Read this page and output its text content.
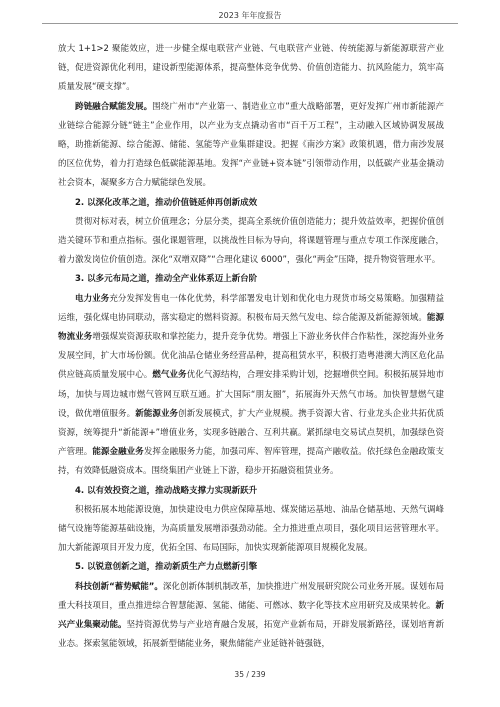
2023 年年度报告

放大 1+1>2 聚能效应，进一步健全煤电联营产业链、气电联营产业链、传统能源与新能源联营产业链，促进资源优化利用，建设新型能源体系，提高整体竞争优势、价值创造能力、抗风险能力，筑牢高质量发展“硬支撑”。

跨链融合赋能发展。围绕广州市“产业第一、制造业立市”重大战略部署，更好发挥广州市新能源产业链综合能源分链“链主”企业作用，以产业为支点撬动省市“百千万工程”，主动融入区域协调发展战略，助推新能源、综合能源、储能、氢能等产业集群建设。把握《南沙方案》政策机遇，借力南沙发展的区位优势，着力打造绿色低碳能源基地。发挥“产业链+资本链”引领带动作用，以低碳产业基金撬动社会资本，凝聚多方合力赋能绿色发展。

2. 以深化改革之道，推动价值链延伸再创新成效

贯彻对标对表，树立价值理念；分层分类，提高全系统价值创造能力；提升效益效率，把握价值创造关键环节和重点指标。强化课题管理，以挑战性目标为导向，将课题管理与重点专项工作深度融合，着力激发岗位价值创造。深化“双增双降”“合理化建议 6000”，强化“两金”压降，提升物资管理水平。

3. 以多元布局之道，推动全产业体系迈上新台阶

电力业务充分发挥发售电一体化优势，科学部署发电计划和优化电力现货市场交易策略。加强精益运维，强化煤电协同联动，落实稳定的燃料资源。积极布局天然气发电、综合能源及新能源领域。能源物流业务增强煤炭资源获取和掌控能力，提升竞争优势。增强上下游业务伙伴合作粘性，深挖海外业务发展空间，扩大市场份额。优化油品仓储业务经营品种，提高租赁水平，积极打造粤港澳大湾区危化品供应链高质量发展中心。燃气业务优化气源结构，合理安排采购计划，挖掘增供空间。积极拓展异地市场，加快与周边城市燃气管网互联互通。扩大国际“朋友圈”，拓展海外天然气市场。加快智慧燃气建设，做优增值服务。新能源业务创新发展模式，扩大产业规模。携手资源大省、行业龙头企业共拓优质资源，统筹提升“新能源+”增值业务，实现多链融合、互利共赢。紧抓绿电交易试点契机，加强绿色资产管理。能源金融业务发挥金融服务力能，加强司库、智库管理，提高产融收益。依托绿色金融政策支持，有效降低融资成本。围绕集团产业链上下游，稳步开拓融资租赁业务。

4. 以有效投资之道，推动战略支撑力实现新跃升

积极拓展本地能源设施，加快建设电力供应保障基地、煤炭储运基地、油品仓储基地、天然气调峰储气设施等能源基础设施，为高质量发展增添强劲动能。全力推进重点项目，强化项目运营管理水平。加大新能源项目开发力度，优拓全国、布局国际，加快实现新能源项目规模化发展。

5. 以锐意创新之道，推动新质生产力点燃新引擎

科技创新“蓄势赋能”。深化创新体制机制改革，加快推进广州发展研究院公司业务开展。谋划布局重大科技项目，重点推进综合智慧能源、氢能、储能、可燃冰、数字化等技术应用研究及成果转化。新兴产业集聚动能。坚持资源优势与产业培育融合发展，拓宽产业新布局，开辟发展新路径，谋划培育新业态。探索氢能领域，拓展新型储能业务，聚焦储能产业延链补链强链，

35 / 239
